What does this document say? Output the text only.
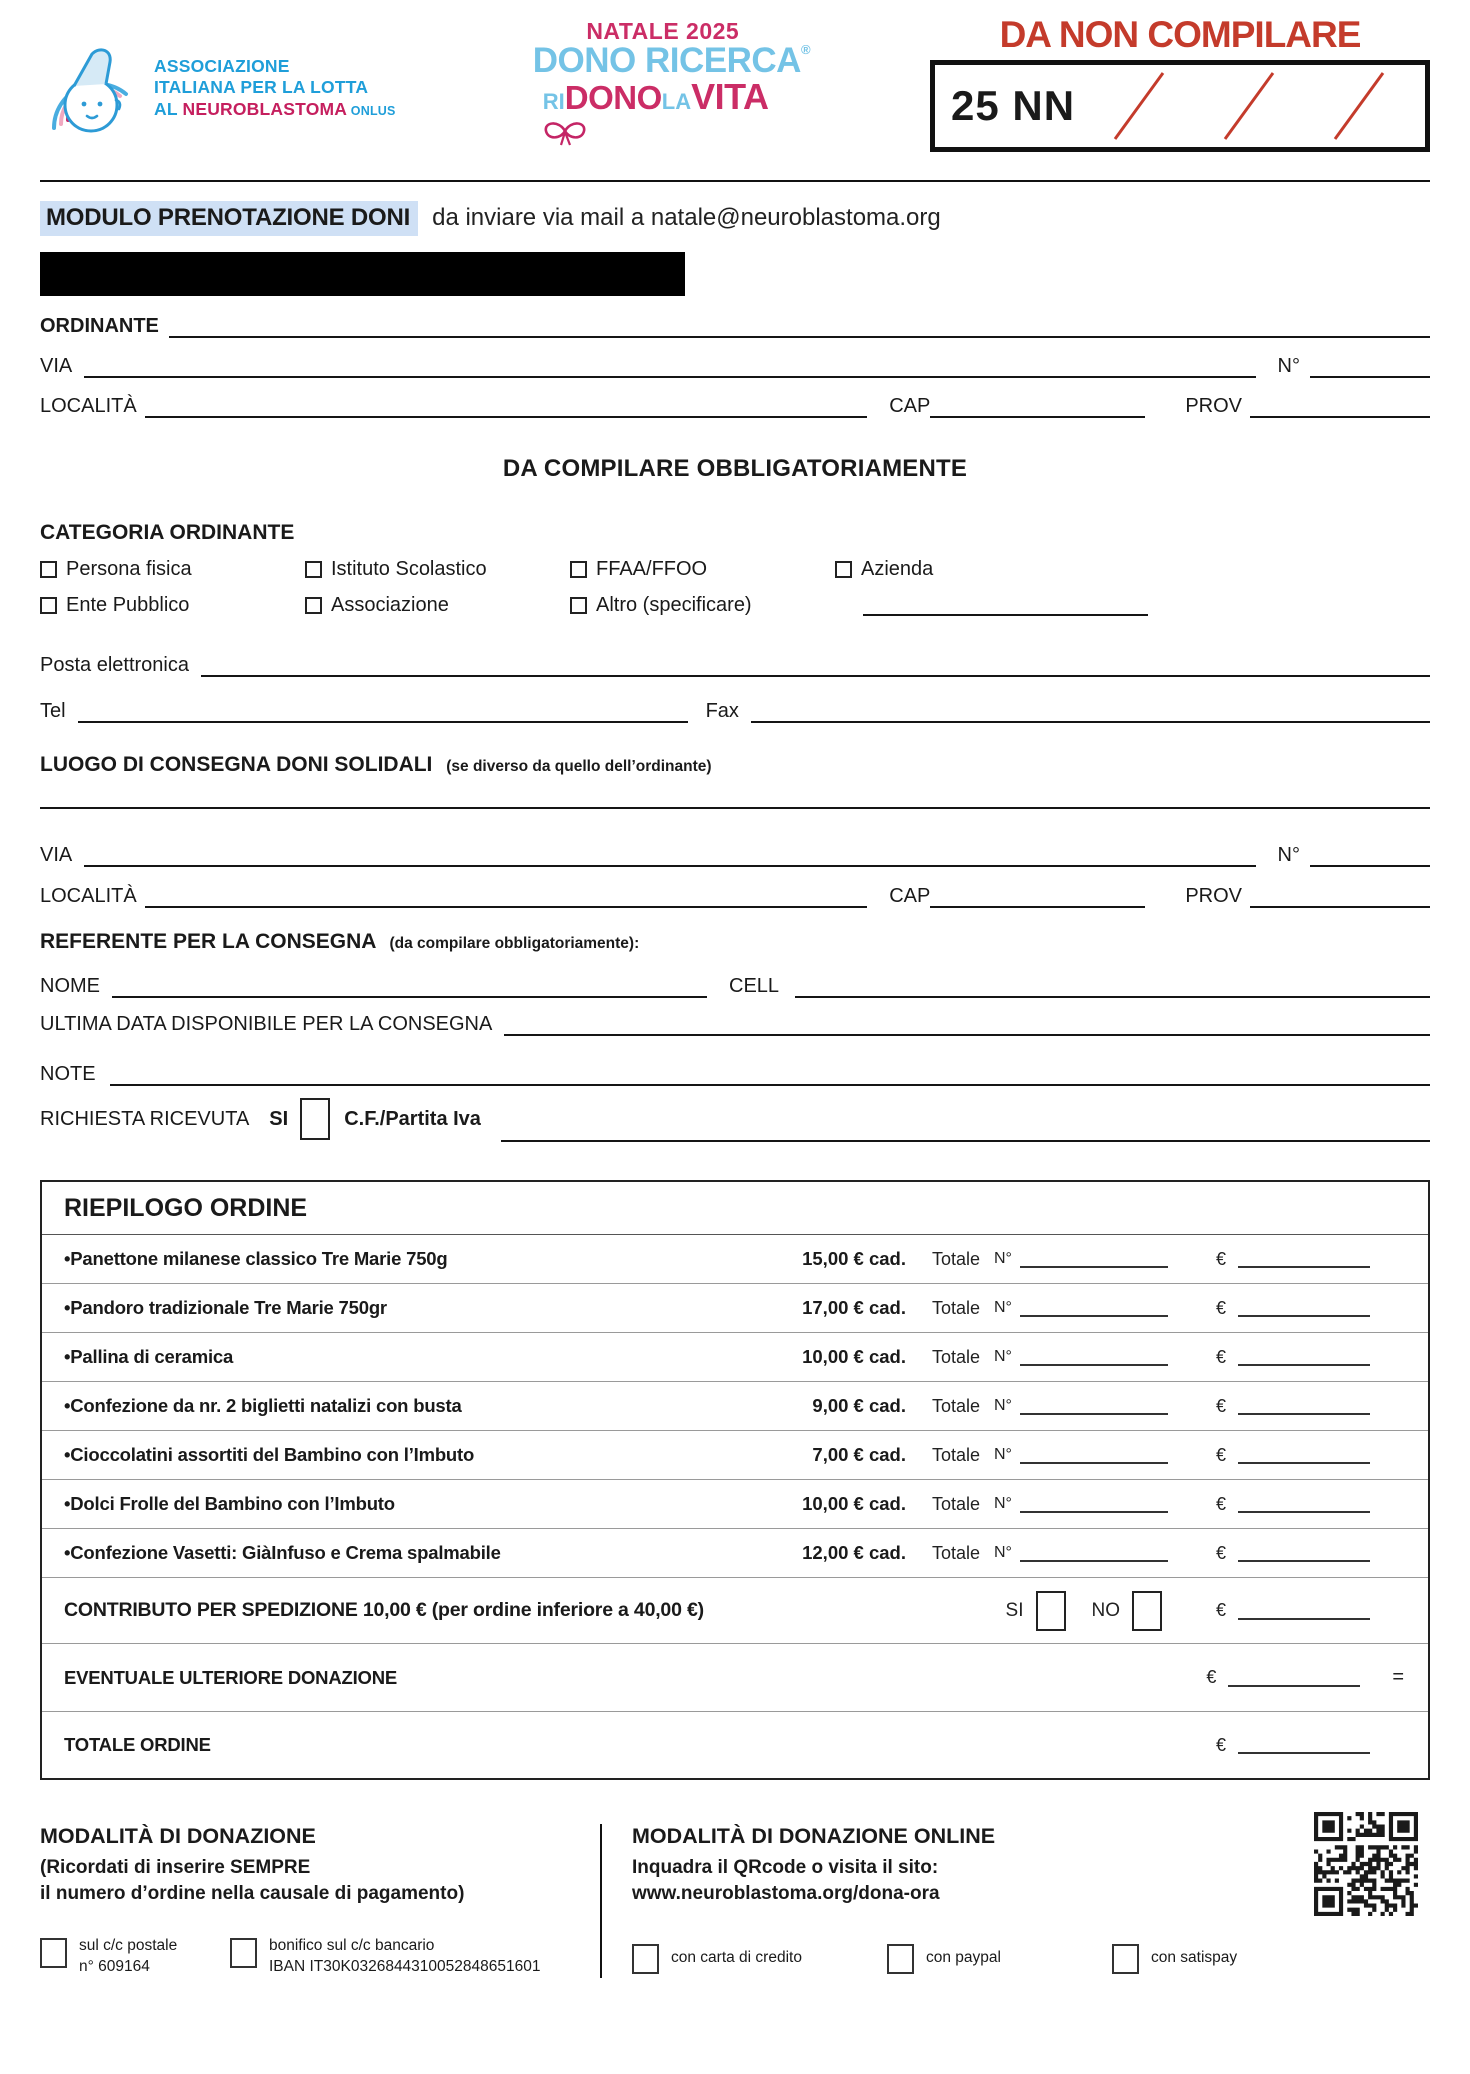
ASSOCIAZIONE
ITALIANA PER LA LOTTA
AL NEUROBLASTOMA ONLUS
NATALE 2025
DONO RICERCA®
RIDONOLAVITA
DA NON COMPILARE
25 NN
MODULO PRENOTAZIONE DONI da inviare via mail a natale@neuroblastoma.org
ORDINANTE
VIA	N°
LOCALITÀ	CAP	PROV
DA COMPILARE OBBLIGATORIAMENTE
CATEGORIA ORDINANTE
Persona fisica	Istituto Scolastico	FFAA/FFOO	Azienda
Ente Pubblico	Associazione	Altro (specificare)
Posta elettronica
Tel	Fax
LUOGO DI CONSEGNA DONI SOLIDALI (se diverso da quello dell’ordinante)
VIA	N°
LOCALITÀ	CAP	PROV
REFERENTE PER LA CONSEGNA (da compilare obbligatoriamente):
NOME	CELL
ULTIMA DATA DISPONIBILE PER LA CONSEGNA
NOTE
RICHIESTA RICEVUTA SI	C.F./Partita Iva
RIEPILOGO ORDINE
•Panettone milanese classico Tre Marie 750g	15,00 € cad. Totale N°	€
•Pandoro tradizionale Tre Marie 750gr	17,00 € cad. Totale N°	€
•Pallina di ceramica	10,00 € cad. Totale N°	€
•Confezione da nr. 2 biglietti natalizi con busta	9,00 € cad. Totale N°	€
•Cioccolatini assortiti del Bambino con l’Imbuto	7,00 € cad. Totale N°	€
•Dolci Frolle del Bambino con l’Imbuto	10,00 € cad. Totale N°	€
•Confezione Vasetti: GiàInfuso e Crema spalmabile	12,00 € cad. Totale N°	€
CONTRIBUTO PER SPEDIZIONE 10,00 € (per ordine inferiore a 40,00 €)	SI	NO	€
EVENTUALE ULTERIORE DONAZIONE	€	=
TOTALE ORDINE	€
MODALITÀ DI DONAZIONE
(Ricordati di inserire SEMPRE
il numero d’ordine nella causale di pagamento)
sul c/c postale
n° 609164
bonifico sul c/c bancario
IBAN IT30K0326844310052848651601
MODALITÀ DI DONAZIONE ONLINE
Inquadra il QRcode o visita il sito:
www.neuroblastoma.org/dona-ora
con carta di credito	con paypal	con satispay
